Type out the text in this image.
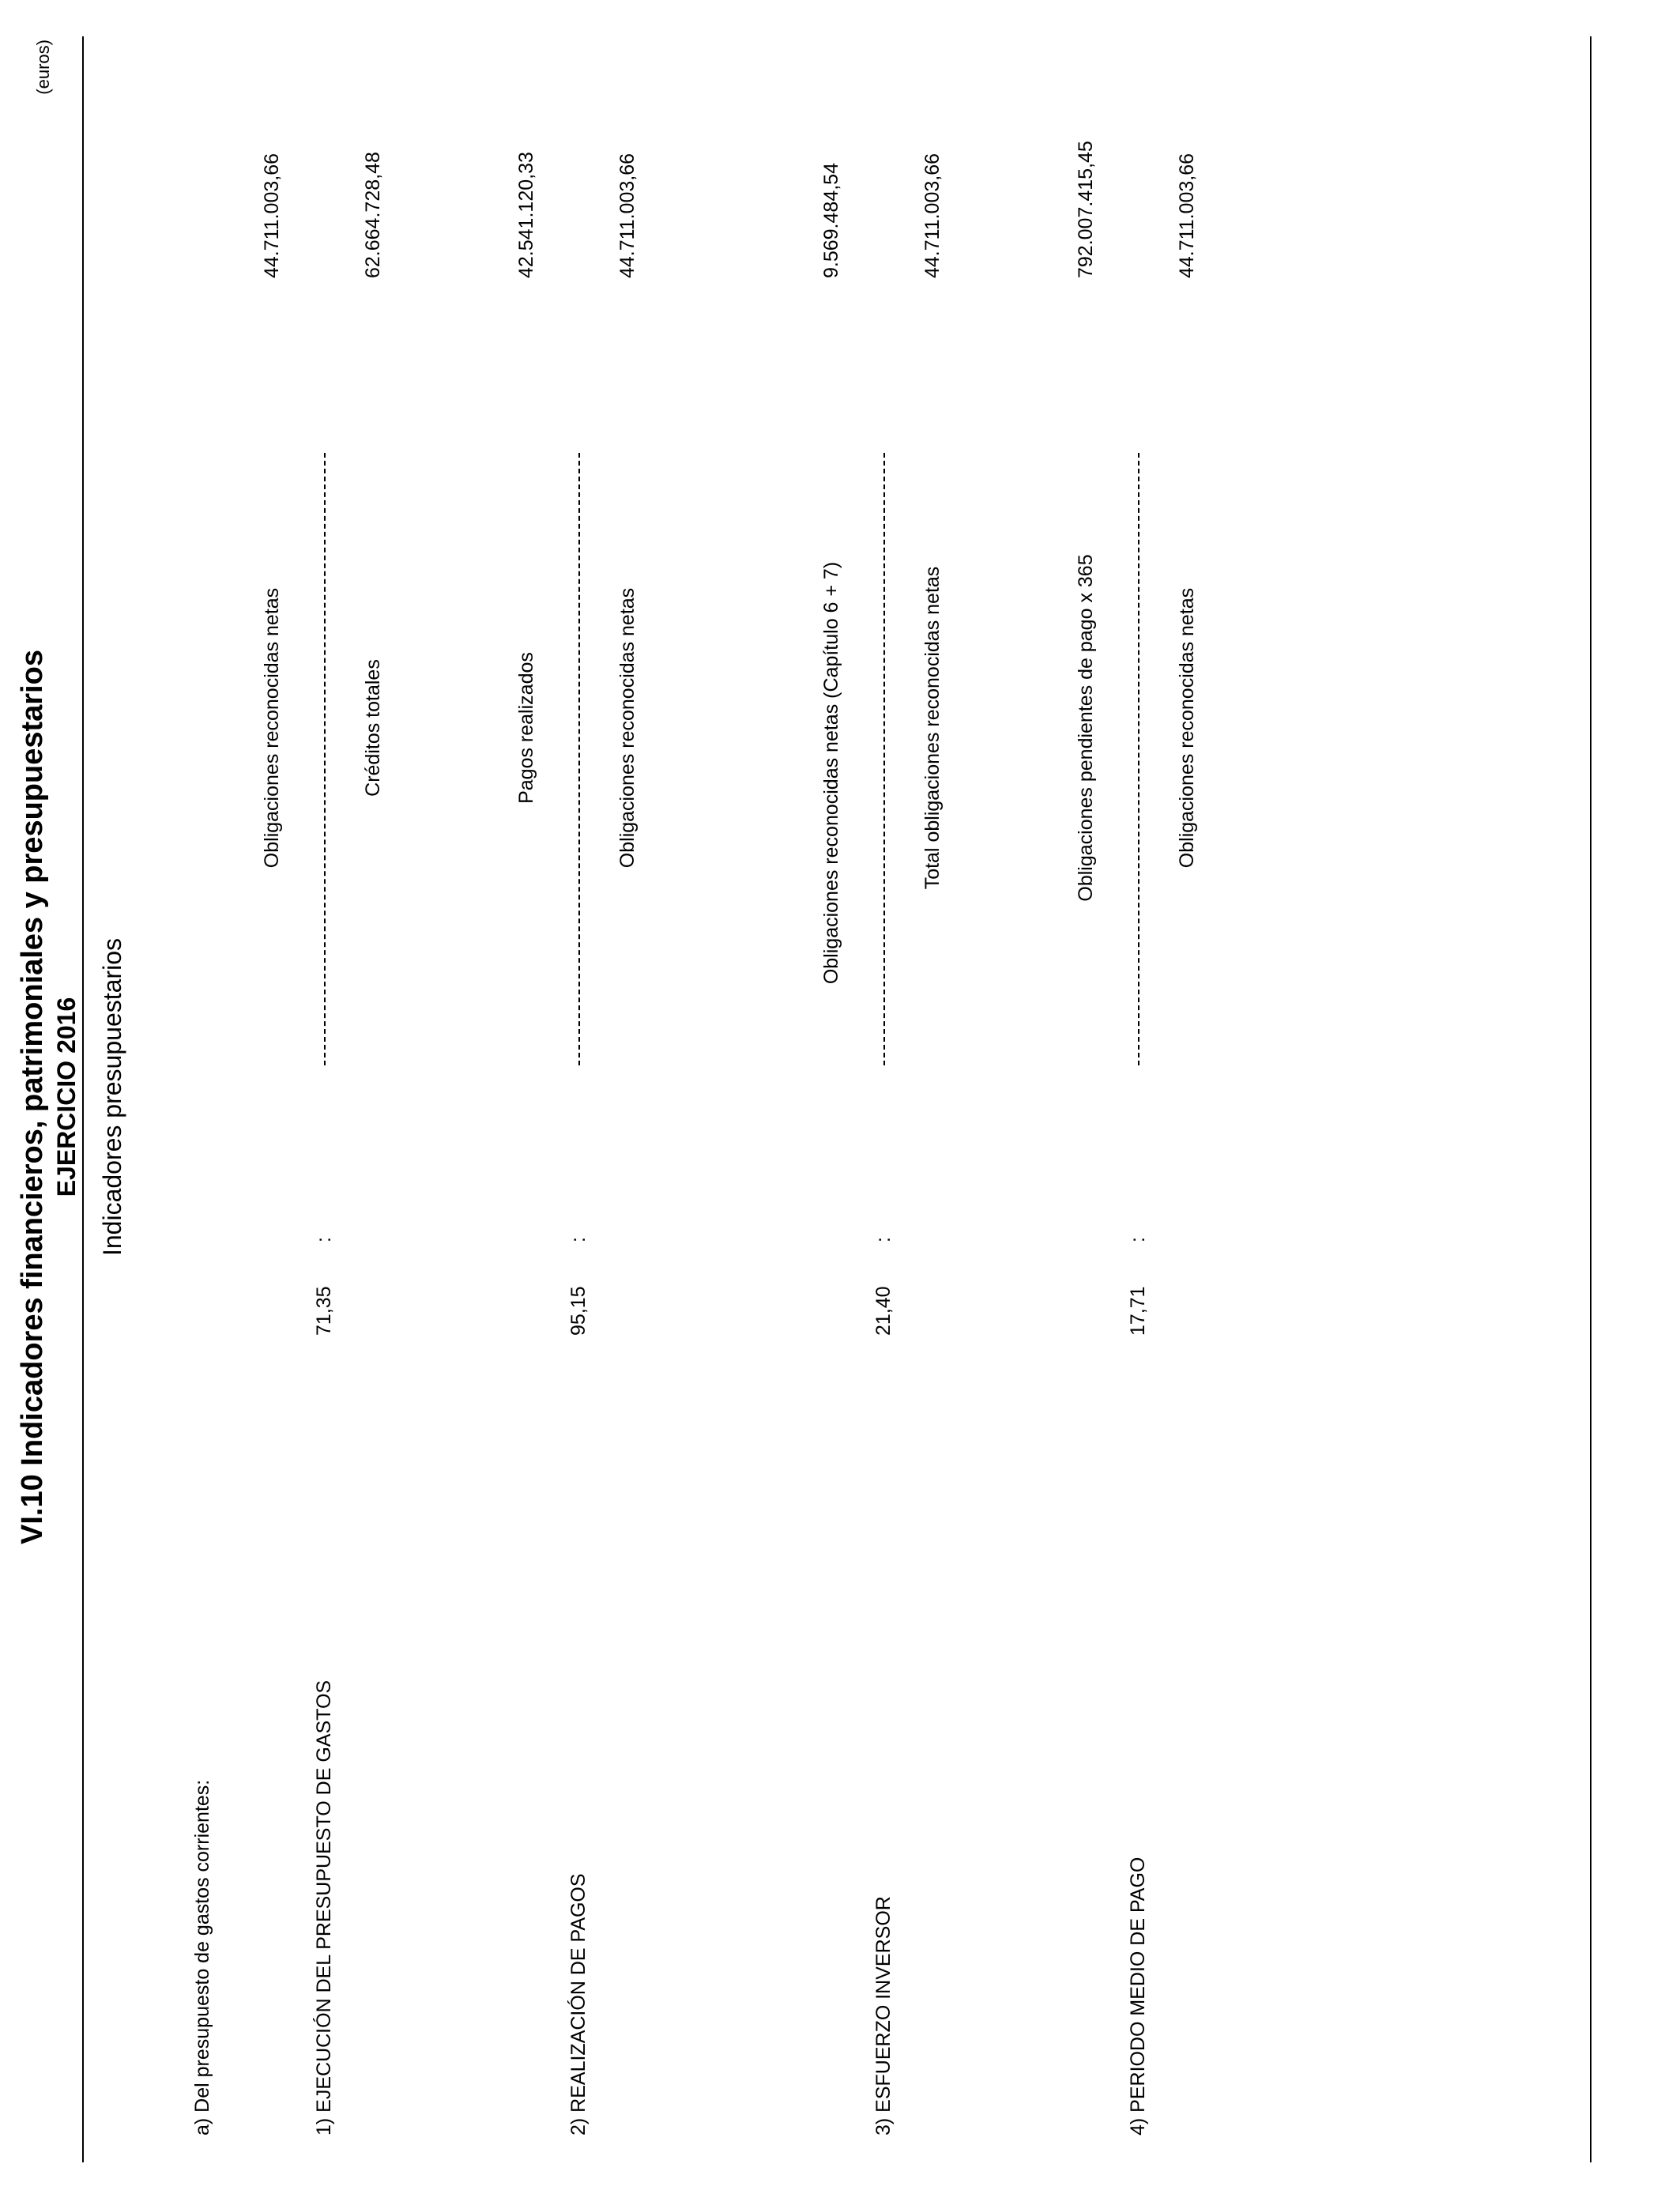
VI.10 Indicadores financieros, patrimoniales y presupuestarios EJERCICIO 2016 Indicadores presupuestarios
(euros)
a) Del presupuesto de gastos corrientes:	1) EJECUCIÓN DEL PRESUPUESTO DE GASTOS
71,35
:
Obligaciones reconocidas netas	Créditos totales
44.711.003,66	62.664.728,48
2) REALIZACIÓN DE PAGOS
95,15
:
Pagos realizados	Obligaciones reconocidas netas
42.541.120,33	44.711.003,66
3) ESFUERZO INVERSOR
21,40
:
Obligaciones reconocidas netas (Capítulo 6 + 7)	Total obligaciones reconocidas netas
9.569.484,54	44.711.003,66
4) PERIODO MEDIO DE PAGO
17,71
:
Obligaciones pendientes de pago x 365	Obligaciones reconocidas netas
792.007.415,45	44.711.003,66
